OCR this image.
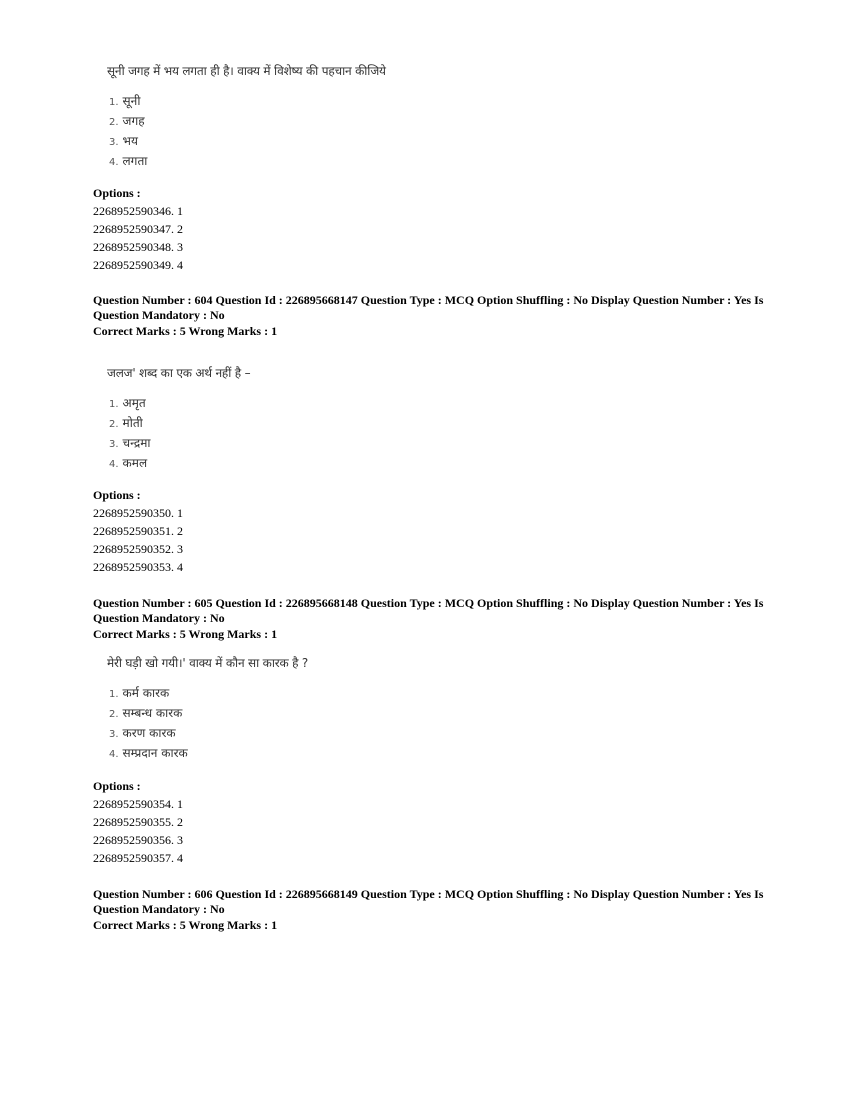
सूनी जगह में भय लगता ही है। वाक्य में विशेष्य की पहचान कीजिये
1. सूनी
2. जगह
3. भय
4. लगता
Options :
2268952590346. 1
2268952590347. 2
2268952590348. 3
2268952590349. 4
Question Number : 604 Question Id : 226895668147 Question Type : MCQ Option Shuffling : No Display Question Number : Yes Is
Question Mandatory : No
Correct Marks : 5 Wrong Marks : 1
जलज' शब्द का एक अर्थ नहीं है –
1. अमृत
2. मोती
3. चन्द्रमा
4. कमल
Options :
2268952590350. 1
2268952590351. 2
2268952590352. 3
2268952590353. 4
Question Number : 605 Question Id : 226895668148 Question Type : MCQ Option Shuffling : No Display Question Number : Yes Is
Question Mandatory : No
Correct Marks : 5 Wrong Marks : 1
मेरी घड़ी खो गयी।' वाक्य में कौन सा कारक है ?
1. कर्म कारक
2. सम्बन्ध कारक
3. करण कारक
4. सम्प्रदान कारक
Options :
2268952590354. 1
2268952590355. 2
2268952590356. 3
2268952590357. 4
Question Number : 606 Question Id : 226895668149 Question Type : MCQ Option Shuffling : No Display Question Number : Yes Is
Question Mandatory : No
Correct Marks : 5 Wrong Marks : 1
